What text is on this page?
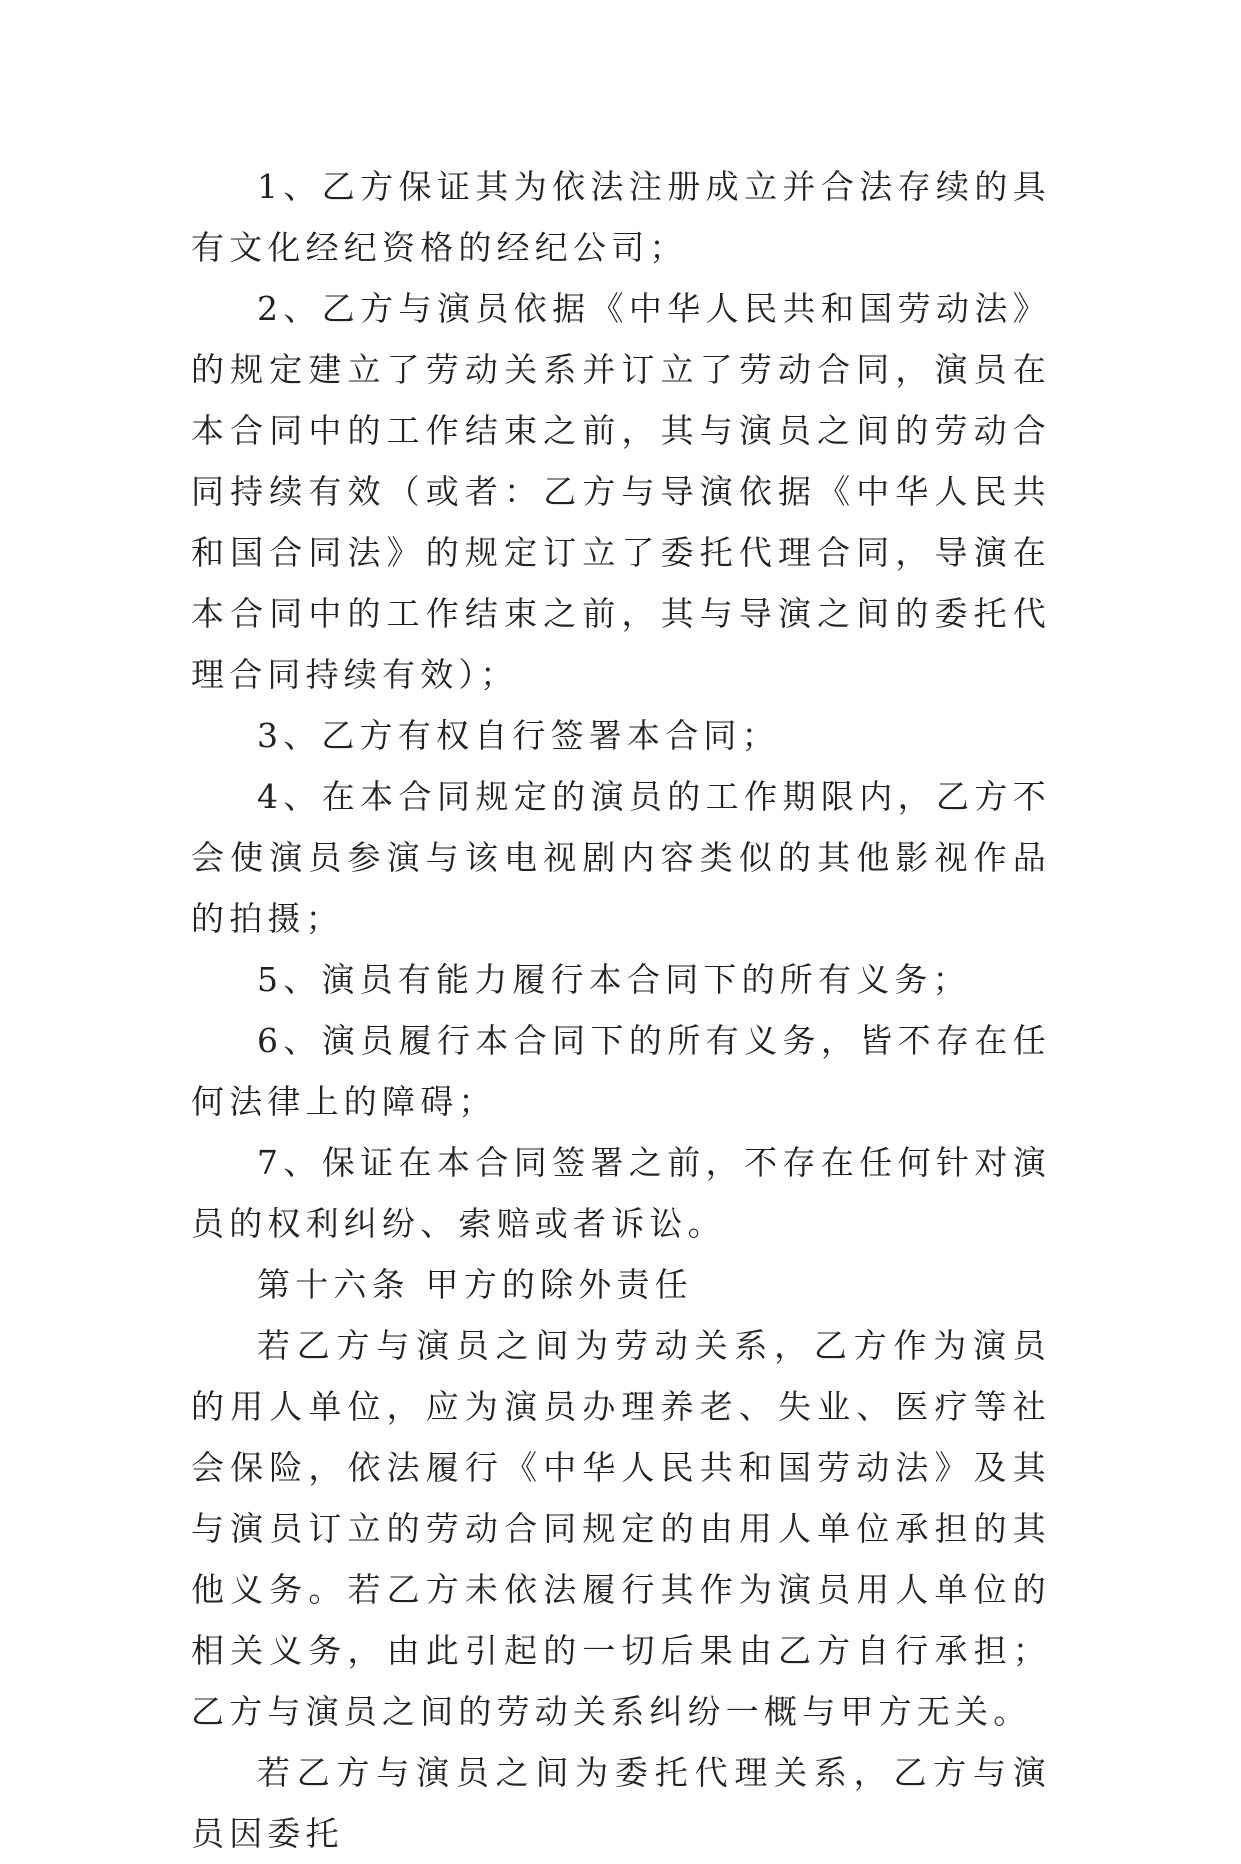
1、乙方保证其为依法注册成立并合法存续的具有文化经纪资格的经纪公司；

2、乙方与演员依据《中华人民共和国劳动法》的规定建立了劳动关系并订立了劳动合同，演员在本合同中的工作结束之前，其与演员之间的劳动合同持续有效（或者：乙方与导演依据《中华人民共和国合同法》的规定订立了委托代理合同，导演在本合同中的工作结束之前，其与导演之间的委托代理合同持续有效）；

3、乙方有权自行签署本合同；

4、在本合同规定的演员的工作期限内，乙方不会使演员参演与该电视剧内容类似的其他影视作品的拍摄；

5、演员有能力履行本合同下的所有义务；

6、演员履行本合同下的所有义务，皆不存在任何法律上的障碍；

7、保证在本合同签署之前，不存在任何针对演员的权利纠纷、索赔或者诉讼。

第十六条 甲方的除外责任

若乙方与演员之间为劳动关系，乙方作为演员的用人单位，应为演员办理养老、失业、医疗等社会保险，依法履行《中华人民共和国劳动法》及其与演员订立的劳动合同规定的由用人单位承担的其他义务。若乙方未依法履行其作为演员用人单位的相关义务，由此引起的一切后果由乙方自行承担；乙方与演员之间的劳动关系纠纷一概与甲方无关。

若乙方与演员之间为委托代理关系，乙方与演员因委托
